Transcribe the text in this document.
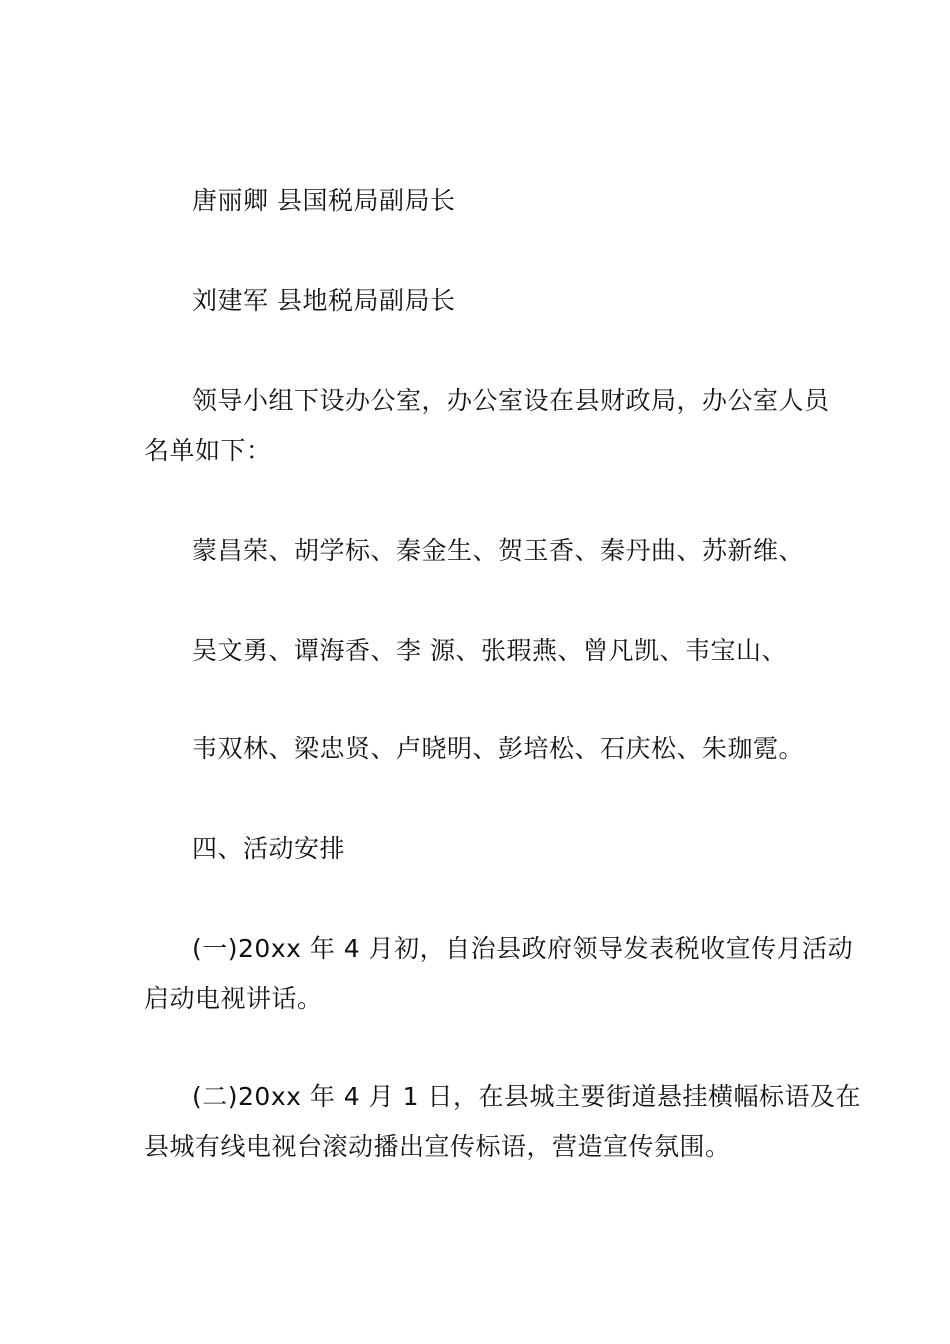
唐丽卿 县国税局副局长
刘建军 县地税局副局长
领导小组下设办公室，办公室设在县财政局，办公室人员
名单如下：
蒙昌荣、胡学标、秦金生、贺玉香、秦丹曲、苏新维、
吴文勇、谭海香、李 源、张瑕燕、曾凡凯、韦宝山、
韦双林、梁忠贤、卢晓明、彭培松、石庆松、朱珈霓。
四、活动安排
(一)20xx 年 4 月初，自治县政府领导发表税收宣传月活动
启动电视讲话。
(二)20xx 年 4 月 1 日，在县城主要街道悬挂横幅标语及在
县城有线电视台滚动播出宣传标语，营造宣传氛围。
